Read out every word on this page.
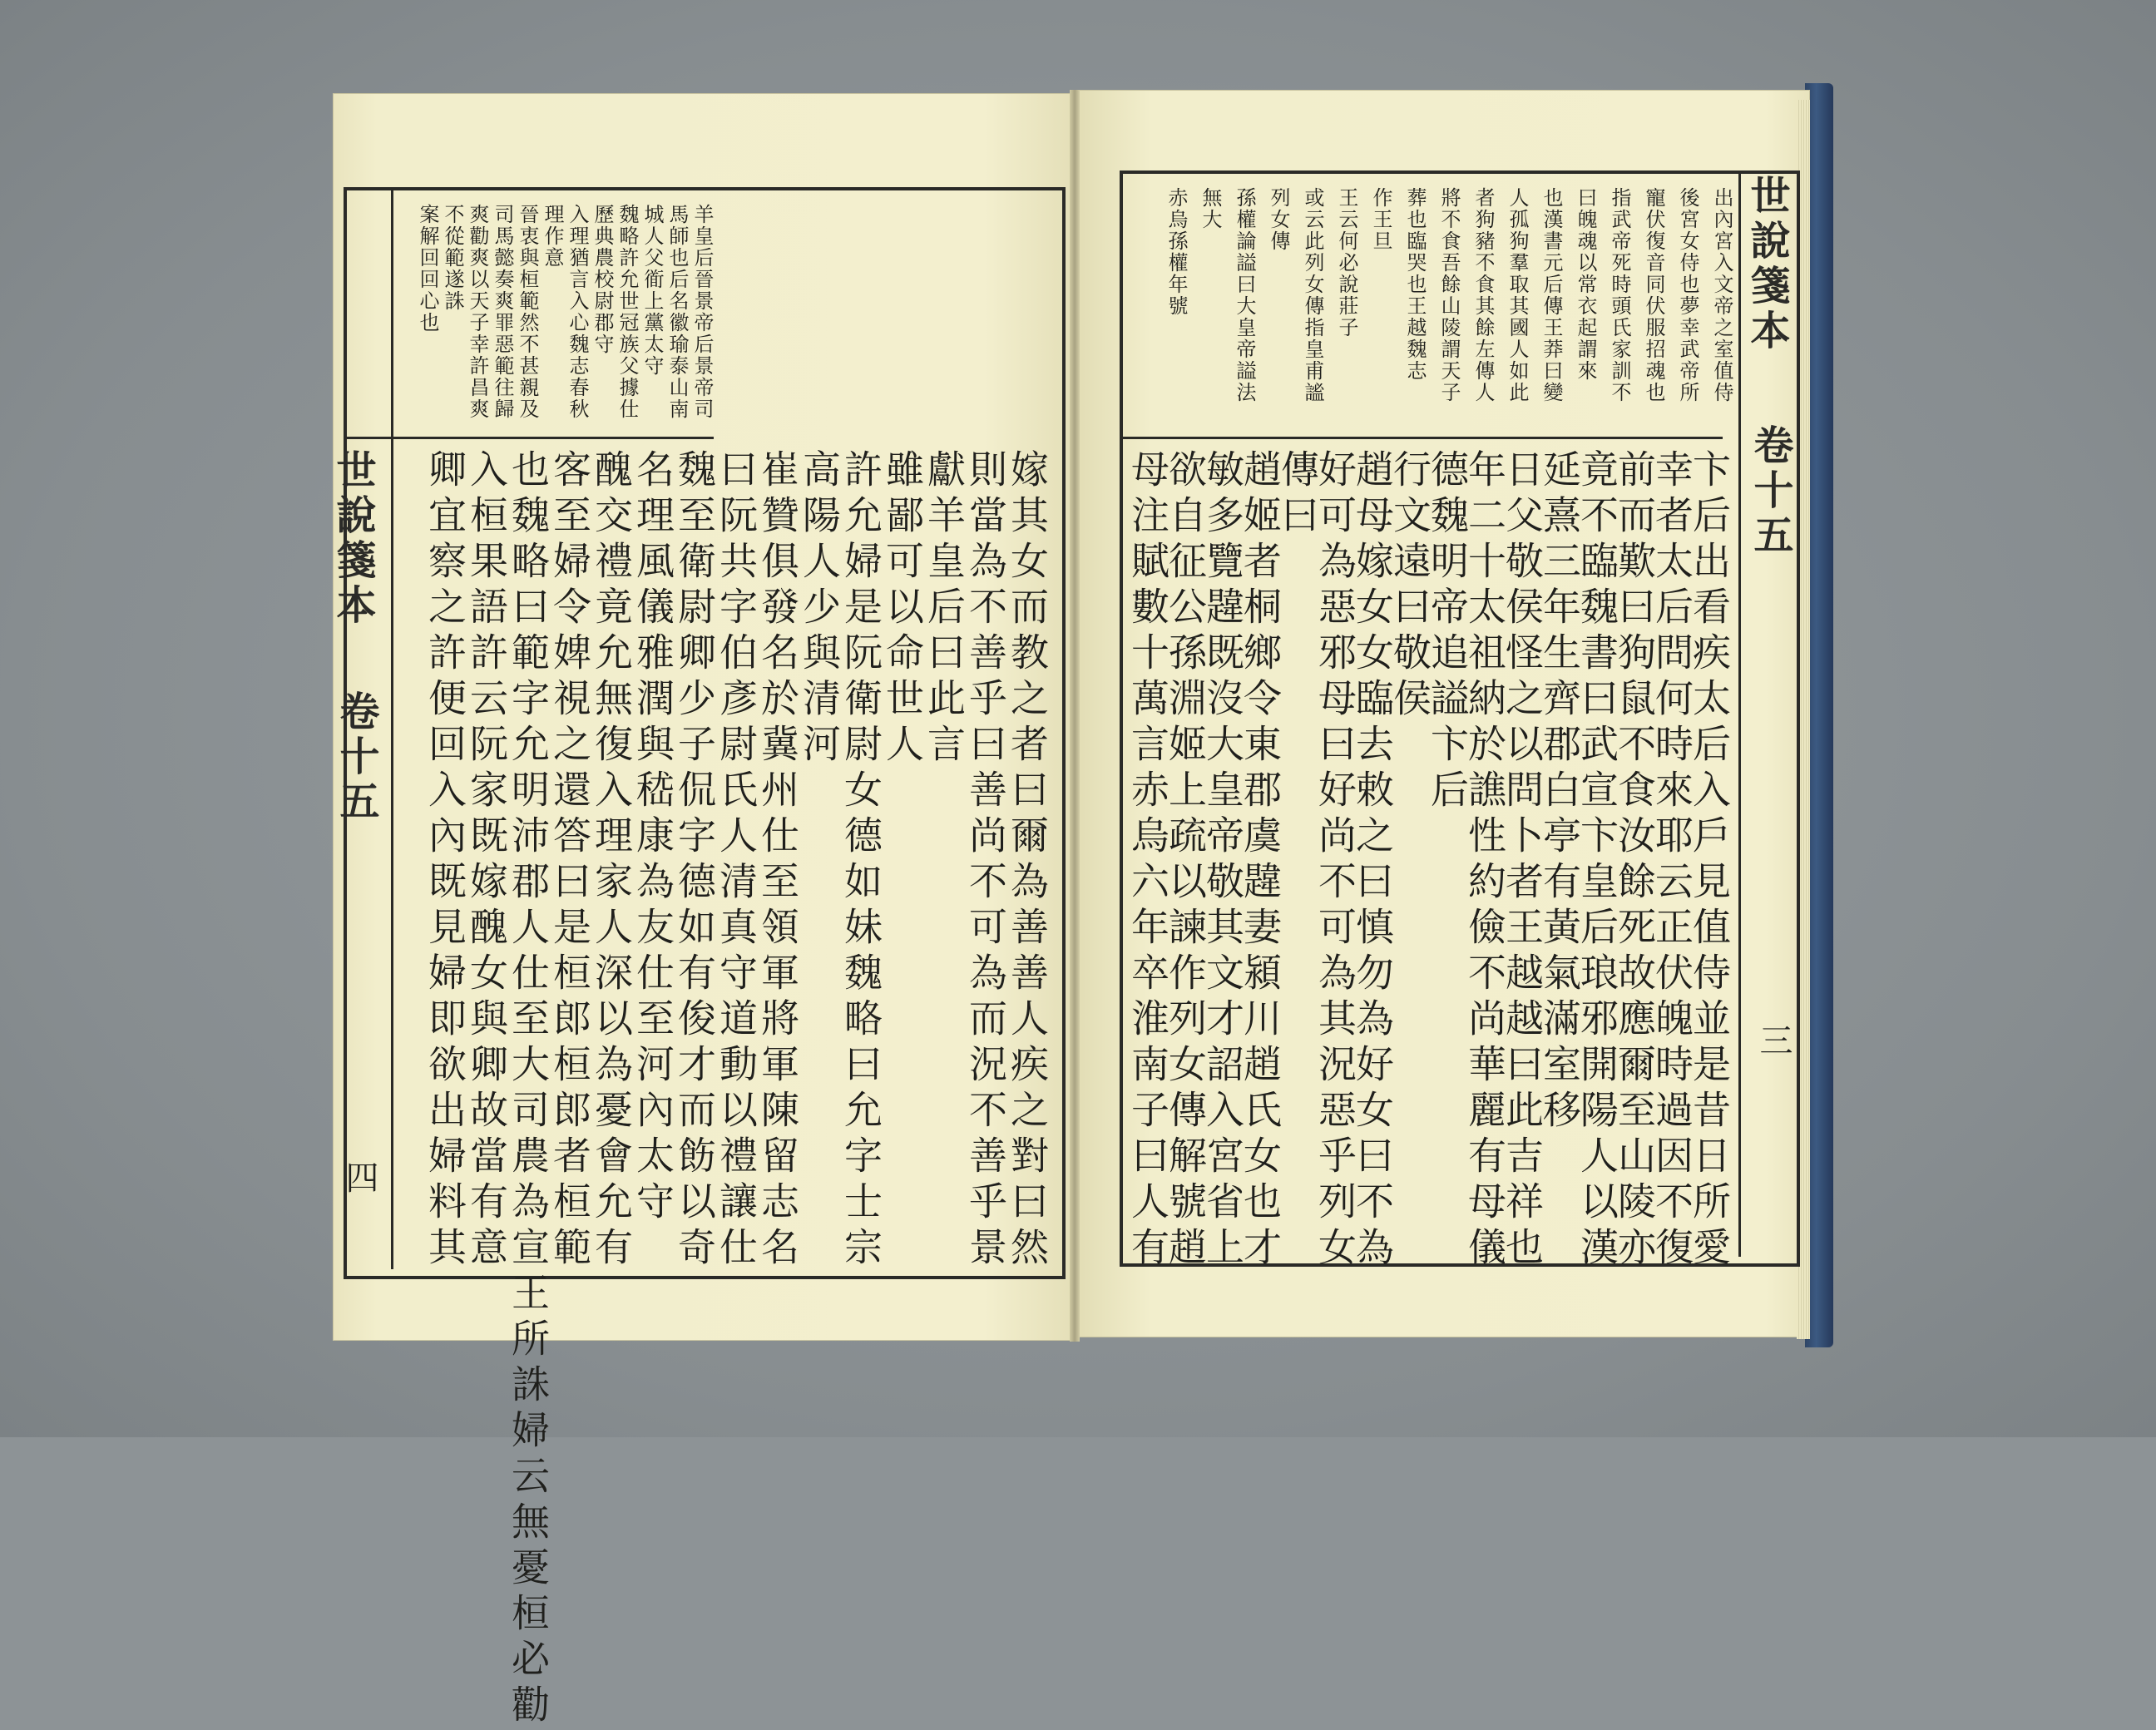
羊皇后晉景帝后景帝司
馬師也后名徽瑜泰山南
城人父衜上黨太守
魏略許允世冠族父據仕
歷典農校尉郡守
入理猶言入心魏志春秋
理作意
晉衷與桓範然不甚親及
司馬懿奏爽罪惡範往歸
爽勸爽以天子幸許昌爽
不從範遂誅
案解回回心也
嫁其女而教之者曰爾為善善人疾之對曰然
則當為不善乎曰善尚不可為而況不善乎景
獻羊皇后曰此言
雖鄙可以命世人
許允婦是阮衛尉女德如妹魏略曰允字士宗
高陽人少與清河
崔贊俱發名於冀州仕至領軍將軍陳留志名
曰阮共字伯彥尉氏人清真守道動以禮讓仕
魏至衛尉卿少子侃字德如有俊才而飭以奇
名理風儀雅潤與嵇康為友仕至河內太守
醜交禮竟允無復入理家人深以為憂會允有
客至婦令婢視之還答曰是桓郎桓郎者桓範
也魏略曰範字允明沛郡人仕至大司農為宣王所誅婦云無憂桓必勸
入桓果語許云阮家既嫁醜女與卿故當有意
卿宜察之許便回入內既見婦即欲出婦料其
世說箋本
卷十五
四
出內宮入文帝之室值侍
後宮女侍也夢幸武帝所
寵伏復音同伏服招魂也
指武帝死時頭氏家訓不
曰魄魂以常衣起謂來
也漢書元后傳王莽曰變
人孤狗羣取其國人如此
者狗豬不食其餘左傳人
將不食吾餘山陵謂天子
葬也臨哭也王越魏志
作王旦
王云何必說莊子
或云此列女傳指皇甫謐
列女傳
孫權論謚曰大皇帝謚法
無大
赤烏孫權年號
卞后出看疾太后入戶見值侍並是昔日所愛
幸者太后問何時來耶云正伏魄時過因不復
前而歎曰狗鼠不食汝餘死故應爾至山陵亦
竟不臨魏書曰武宣卞皇后琅邪開陽人以漢
延熹三年生齊郡白亭有黃氣滿室移
日父敬侯怪之以問卜者王越越曰此吉祥也
年二十太祖納於譙性約儉不尚華麗有母儀
德魏明帝追謚卞后
行文遠曰敬侯
趙母嫁女女臨去敕之曰慎勿為好女曰不為
好可為惡邪母曰好尚不可為其況惡乎列女
傳曰
趙姬者桐鄉令東郡虞韙妻潁川趙氏女也才
敏多覽韙既沒大皇帝敬其文才詔入宮省上
欲自征公孫淵姬上疏以諫作列女傳解號趙
母注賦數十萬言赤烏六年卒淮南子曰人有
世說箋本
卷十五
三
